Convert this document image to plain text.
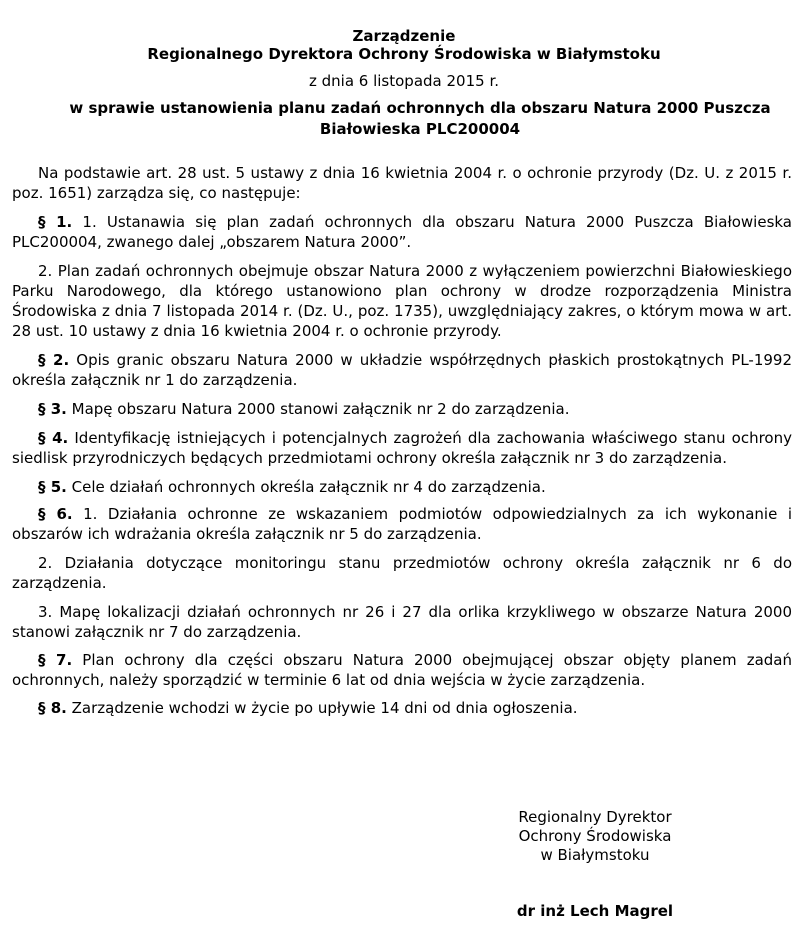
Zarządzenie
Regionalnego Dyrektora Ochrony Środowiska w Białymstoku
z dnia 6 listopada 2015 r.
w sprawie ustanowienia planu zadań ochronnych dla obszaru Natura 2000 Puszcza
Białowieska PLC200004

Na podstawie art. 28 ust. 5 ustawy z dnia 16 kwietnia 2004 r. o ochronie przyrody (Dz. U. z 2015 r. poz. 1651) zarządza się, co następuje:

§ 1. 1. Ustanawia się plan zadań ochronnych dla obszaru Natura 2000 Puszcza Białowieska PLC200004, zwanego dalej „obszarem Natura 2000”.

2. Plan zadań ochronnych obejmuje obszar Natura 2000 z wyłączeniem powierzchni Białowieskiego Parku Narodowego, dla którego ustanowiono plan ochrony w drodze rozporządzenia Ministra Środowiska z dnia 7 listopada 2014 r. (Dz. U., poz. 1735), uwzględniający zakres, o którym mowa w art. 28 ust. 10 ustawy z dnia 16 kwietnia 2004 r. o ochronie przyrody.

§ 2. Opis granic obszaru Natura 2000 w układzie współrzędnych płaskich prostokątnych PL-1992 określa załącznik nr 1 do zarządzenia.

§ 3. Mapę obszaru Natura 2000 stanowi załącznik nr 2 do zarządzenia.

§ 4. Identyfikację istniejących i potencjalnych zagrożeń dla zachowania właściwego stanu ochrony siedlisk przyrodniczych będących przedmiotami ochrony określa załącznik nr 3 do zarządzenia.

§ 5. Cele działań ochronnych określa załącznik nr 4 do zarządzenia.

§ 6. 1. Działania ochronne ze wskazaniem podmiotów odpowiedzialnych za ich wykonanie i obszarów ich wdrażania określa załącznik nr 5 do zarządzenia.

2. Działania dotyczące monitoringu stanu przedmiotów ochrony określa załącznik nr 6 do zarządzenia.

3. Mapę lokalizacji działań ochronnych nr 26 i 27 dla orlika krzykliwego w obszarze Natura 2000 stanowi załącznik nr 7 do zarządzenia.

§ 7. Plan ochrony dla części obszaru Natura 2000 obejmującej obszar objęty planem zadań ochronnych, należy sporządzić w terminie 6 lat od dnia wejścia w życie zarządzenia.

§ 8. Zarządzenie wchodzi w życie po upływie 14 dni od dnia ogłoszenia.

Regionalny Dyrektor
Ochrony Środowiska
w Białymstoku
dr inż Lech Magrel
